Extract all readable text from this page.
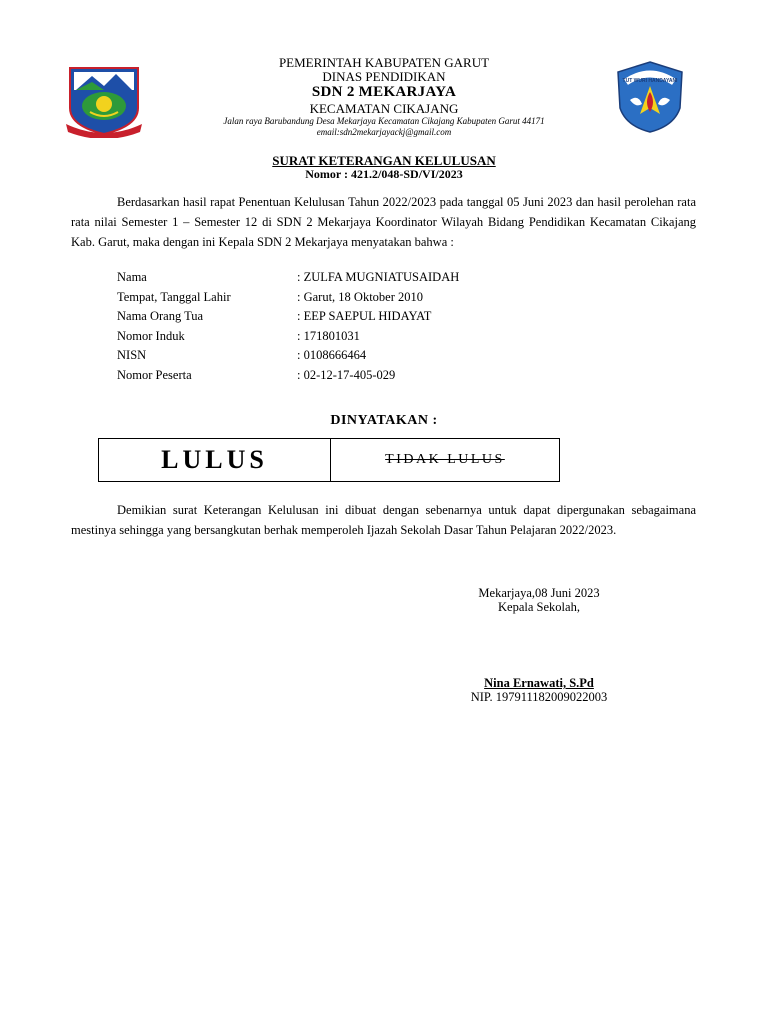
PEMERINTAH KABUPATEN GARUT
DINAS PENDIDIKAN
SDN 2 MEKARJAYA
KECAMATAN CIKAJANG
Jalan raya Barubandung Desa Mekarjaya Kecamatan Cikajang Kabupaten Garut 44171
email:sdn2mekarjayackj@gmail.com
TUT WURI HANDAYANI
SURAT KETERANGAN KELULUSAN
Nomor : 421.2/048-SD/VI/2023
Berdasarkan hasil rapat Penentuan Kelulusan Tahun 2022/2023 pada tanggal 05 Juni 2023 dan hasil perolehan rata rata nilai Semester 1 – Semester 12 di SDN 2 Mekarjaya Koordinator Wilayah Bidang Pendidikan Kecamatan Cikajang Kab. Garut, maka dengan ini Kepala SDN 2 Mekarjaya menyatakan bahwa :
Nama	: ZULFA MUGNIATUSAIDAH
Tempat, Tanggal Lahir	: Garut, 18 Oktober 2010
Nama Orang Tua	: EEP SAEPUL HIDAYAT
Nomor Induk	: 171801031
NISN	: 0108666464
Nomor Peserta	: 02-12-17-405-029
DINYATAKAN :
LULUS	TIDAK LULUS
Demikian surat Keterangan Kelulusan ini dibuat dengan sebenarnya untuk dapat dipergunakan sebagaimana mestinya sehingga yang bersangkutan berhak memperoleh Ijazah Sekolah Dasar Tahun Pelajaran 2022/2023.
Mekarjaya,08 Juni 2023
Kepala Sekolah,
Nina Ernawati, S.Pd
NIP. 197911182009022003
